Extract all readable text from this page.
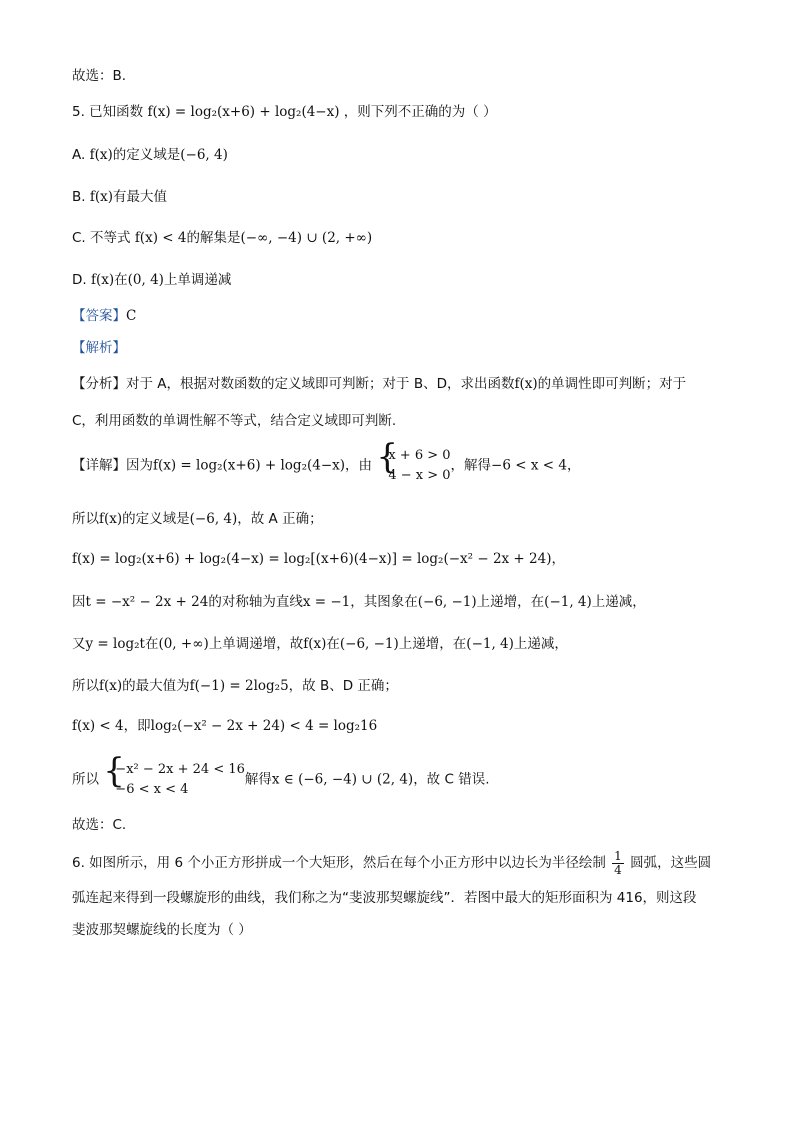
故选：B.
5. 已知函数 f(x) = log₂(x+6) + log₂(4−x) ，则下列不正确的为（ ）
A. f(x)的定义域是(−6, 4)
B. f(x)有最大值
C. 不等式 f(x) < 4的解集是(−∞, −4) ∪ (2, +∞)
D. f(x)在(0, 4)上单调递减
【答案】C
【解析】
【分析】对于 A，根据对数函数的定义域即可判断；对于 B、D，求出函数f(x)的单调性即可判断；对于
C，利用函数的单调性解不等式，结合定义域即可判断.
【详解】因为f(x) = log₂(x+6) + log₂(4−x)，由 {
x + 6 > 0
4 − x > 0
，解得−6 < x < 4，
所以f(x)的定义域是(−6, 4)，故 A 正确；
f(x) = log₂(x+6) + log₂(4−x) = log₂[(x+6)(4−x)] = log₂(−x² − 2x + 24)，
因t = −x² − 2x + 24的对称轴为直线x = −1，其图象在(−6, −1)上递增，在(−1, 4)上递减，
又y = log₂t在(0, +∞)上单调递增，故f(x)在(−6, −1)上递增，在(−1, 4)上递减，
所以f(x)的最大值为f(−1) = 2log₂5，故 B、D 正确；
f(x) < 4，即log₂(−x² − 2x + 24) < 4 = log₂16
所以 {
−x² − 2x + 24 < 16
−6 < x < 4
解得x ∈ (−6, −4) ∪ (2, 4)，故 C 错误.
故选：C.
6. 如图所示，用 6 个小正方形拼成一个大矩形，然后在每个小正方形中以边长为半径绘制 $\frac{1}{4}$ 圆弧，这些圆
弧连起来得到一段螺旋形的曲线，我们称之为“斐波那契螺旋线”．若图中最大的矩形面积为 416，则这段
斐波那契螺旋线的长度为（ ）
